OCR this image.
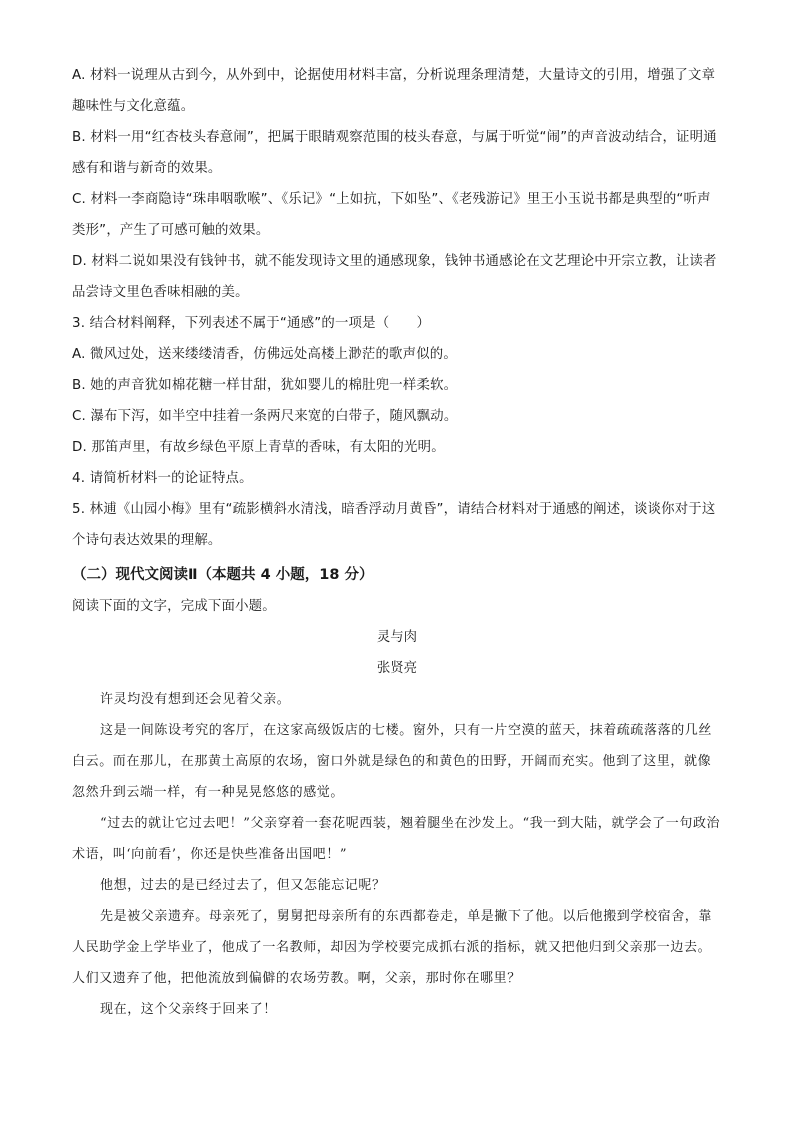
A. 材料一说理从古到今，从外到中，论据使用材料丰富，分析说理条理清楚，大量诗文的引用，增强了文章趣味性与文化意蕴。

B. 材料一用“红杏枝头春意闹”，把属于眼睛观察范围的枝头春意，与属于听觉“闹”的声音波动结合，证明通感有和谐与新奇的效果。

C. 材料一李商隐诗“珠串咽歌喉”、《乐记》“上如抗，下如坠”、《老残游记》里王小玉说书都是典型的“听声类形”，产生了可感可触的效果。

D. 材料二说如果没有钱钟书，就不能发现诗文里的通感现象，钱钟书通感论在文艺理论中开宗立教，让读者品尝诗文里色香味相融的美。

3. 结合材料阐释，下列表述不属于“通感”的一项是（　　）

A. 微风过处，送来缕缕清香，仿佛远处高楼上渺茫的歌声似的。

B. 她的声音犹如棉花糖一样甘甜，犹如婴儿的棉肚兜一样柔软。

C. 瀑布下泻，如半空中挂着一条两尺来宽的白带子，随风飘动。

D. 那笛声里，有故乡绿色平原上青草的香味，有太阳的光明。

4. 请简析材料一的论证特点。

5. 林逋《山园小梅》里有“疏影横斜水清浅，暗香浮动月黄昏”，请结合材料对于通感的阐述，谈谈你对于这个诗句表达效果的理解。

（二）现代文阅读Ⅱ（本题共 4 小题，18 分）

阅读下面的文字，完成下面小题。

灵与肉

张贤亮

许灵均没有想到还会见着父亲。

这是一间陈设考究的客厅，在这家高级饭店的七楼。窗外，只有一片空漠的蓝天，抹着疏疏落落的几丝白云。而在那儿，在那黄土高原的农场，窗口外就是绿色的和黄色的田野，开阔而充实。他到了这里，就像忽然升到云端一样，有一种晃晃悠悠的感觉。

“过去的就让它过去吧！”父亲穿着一套花呢西装，翘着腿坐在沙发上。“我一到大陆，就学会了一句政治术语，叫‘向前看’，你还是快些准备出国吧！”

他想，过去的是已经过去了，但又怎能忘记呢？

先是被父亲遗弃。母亲死了，舅舅把母亲所有的东西都卷走，单是撇下了他。以后他搬到学校宿舍，靠人民助学金上学毕业了，他成了一名教师，却因为学校要完成抓右派的指标，就又把他归到父亲那一边去。人们又遗弃了他，把他流放到偏僻的农场劳教。啊，父亲，那时你在哪里？

现在，这个父亲终于回来了！
